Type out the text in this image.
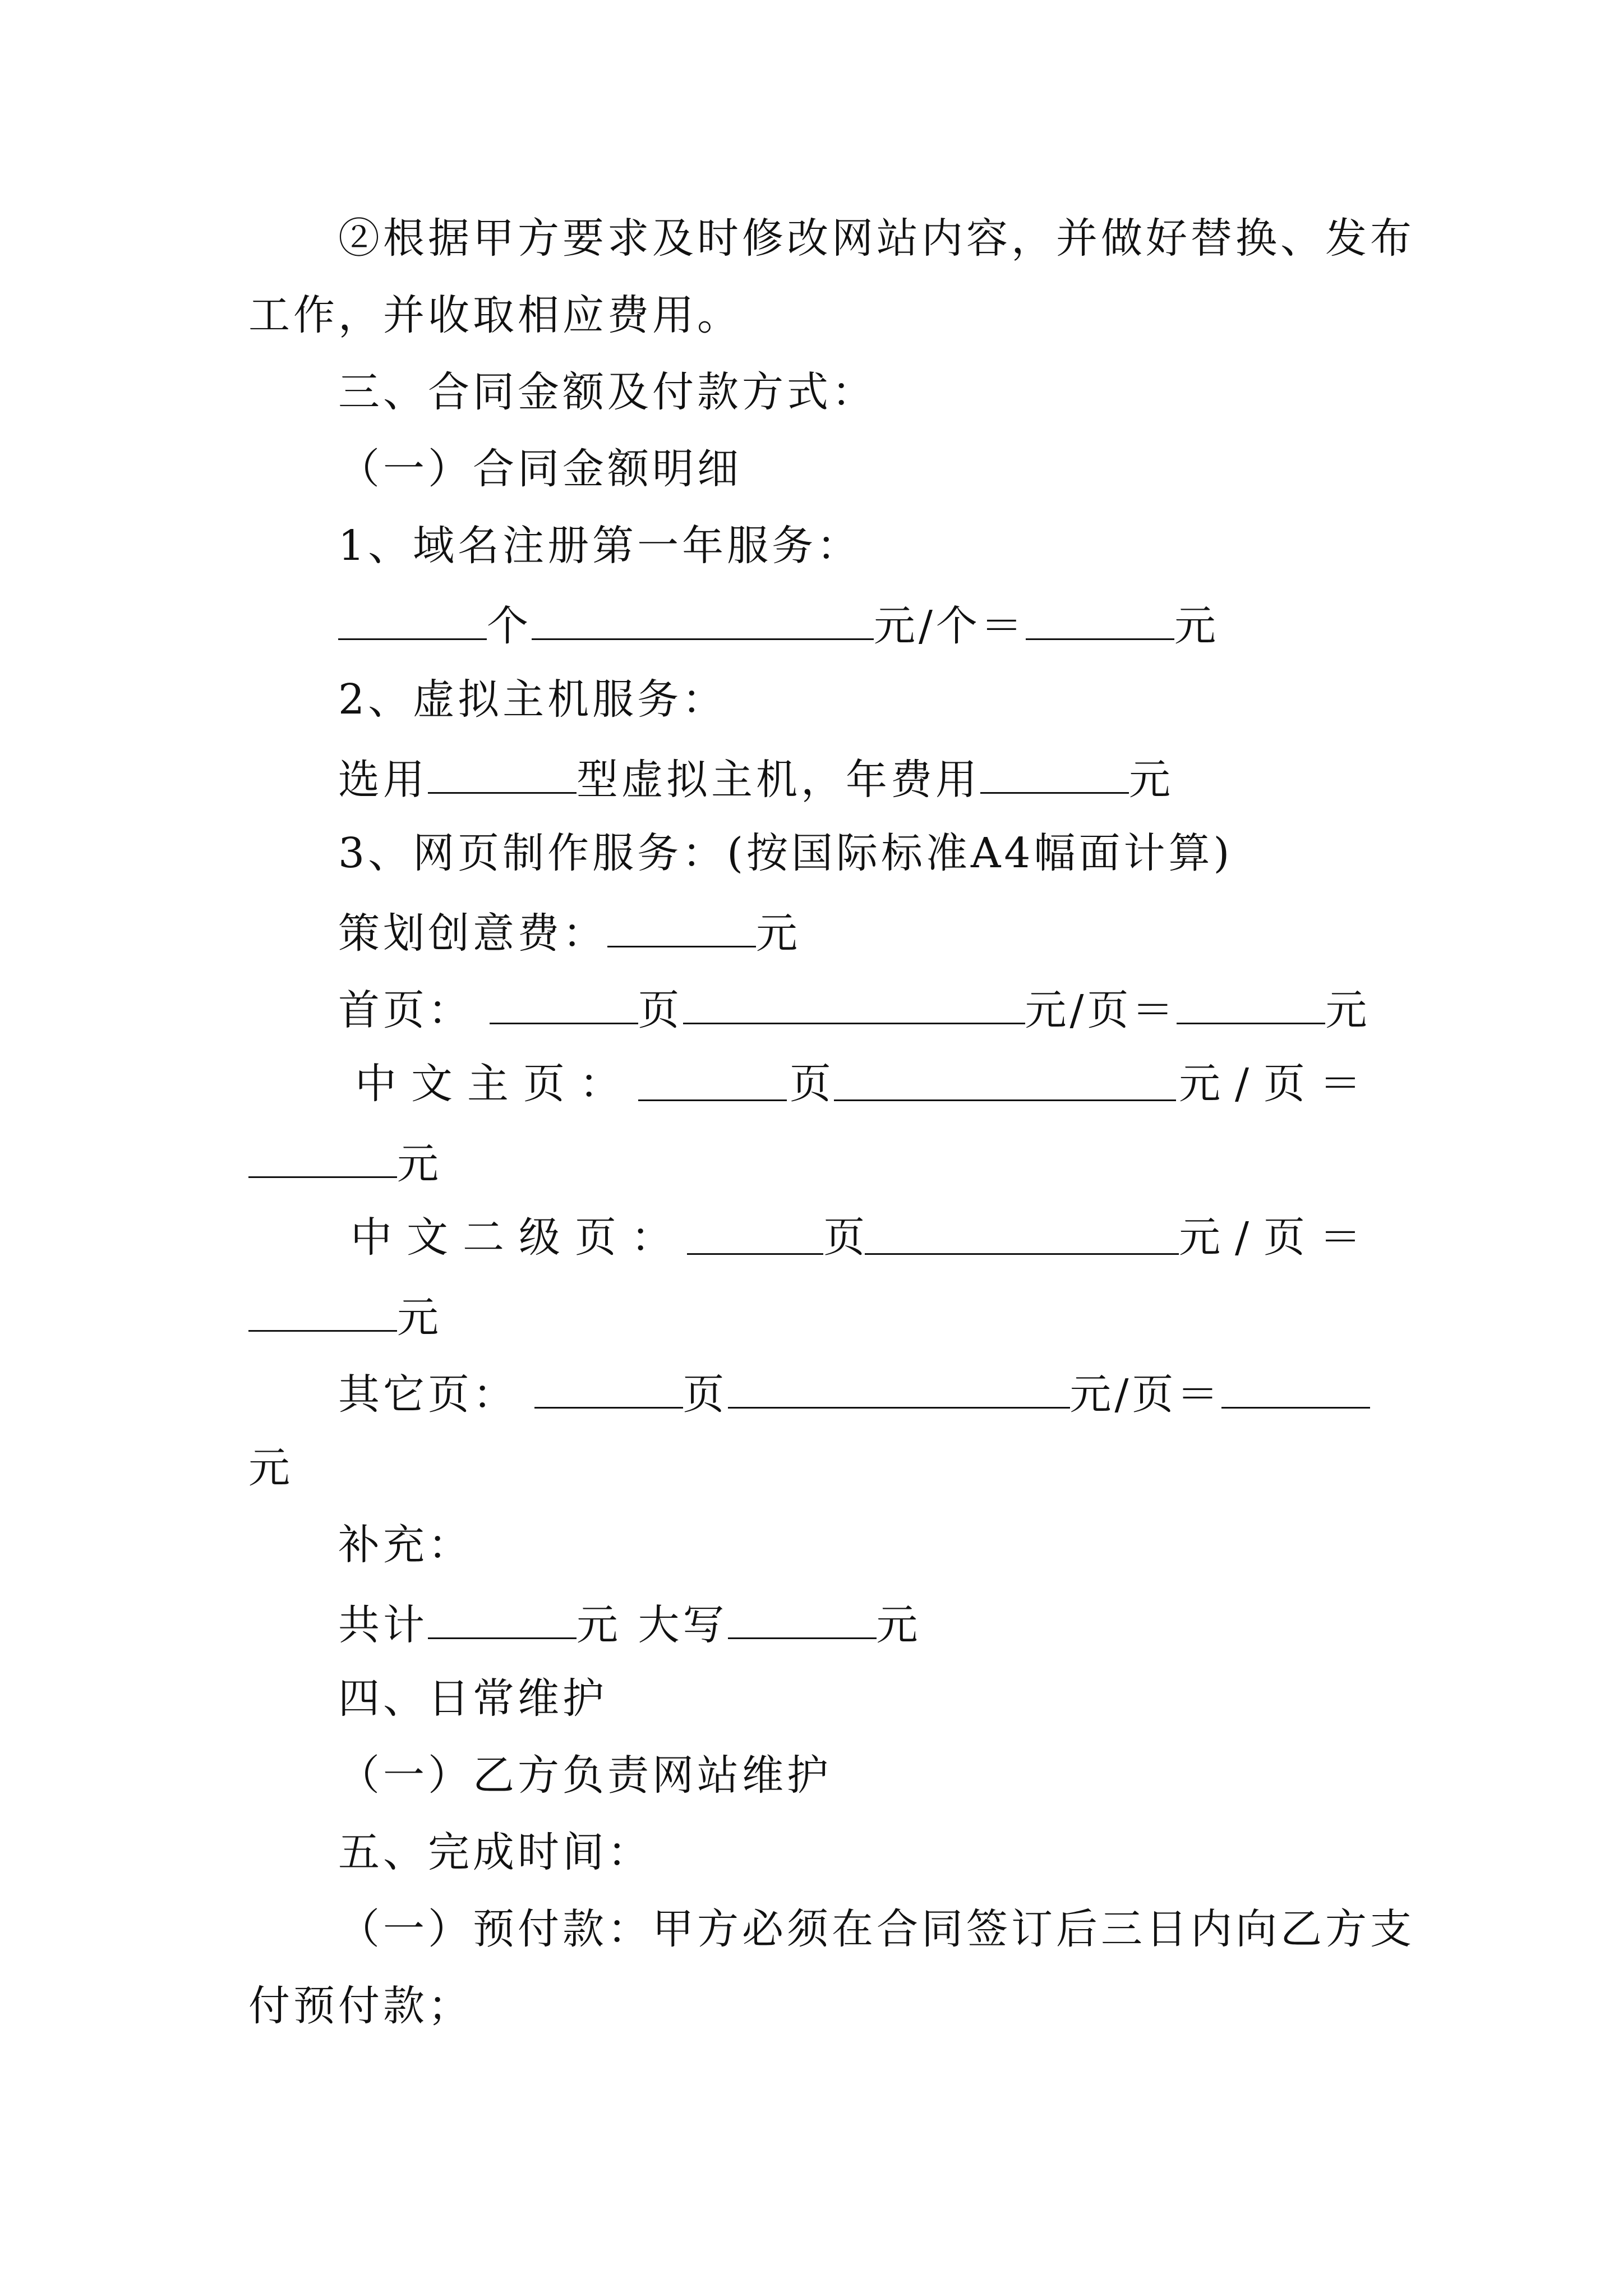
②根据甲方要求及时修改网站内容，并做好替换、发布
工作，并收取相应费用。
三、合同金额及付款方式：
（一）合同金额明细
1、域名注册第一年服务：
个	元/个＝	元
2、虚拟主机服务：
选用	型虚拟主机，年费用	元
3、网页制作服务：(按国际标准A4幅面计算)
策划创意费：	元
首页：	页	元/页＝	元
中文主页：	页	元/页＝
元
中文二级页：	页	元/页＝
元
其它页：	页	元/页＝
元
补充：
共计	元 大写	元
四、日常维护
（一）乙方负责网站维护
五、完成时间：
（一）预付款：甲方必须在合同签订后三日内向乙方支
付预付款；
